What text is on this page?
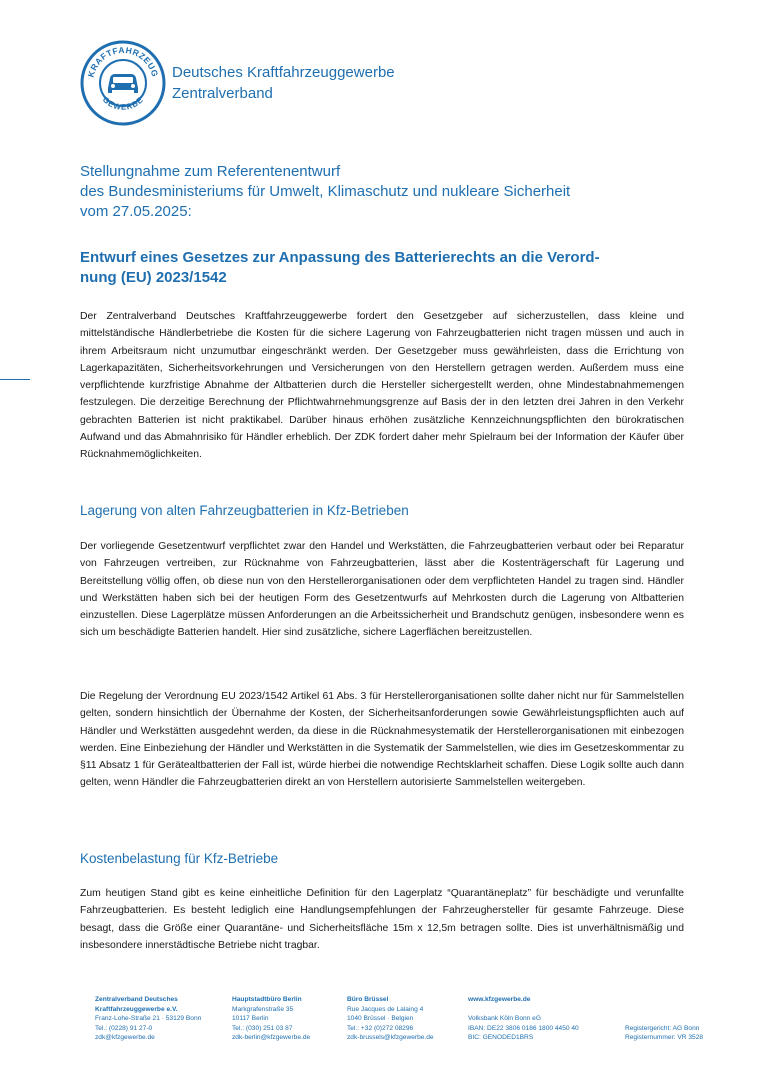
KRAFTFAHRZEUG
GEWERBE
Deutsches Kraftfahrzeuggewerbe
Zentralverband
Stellungnahme zum Referentenentwurf
des Bundesministeriums für Umwelt, Klimaschutz und nukleare Sicherheit
vom 27.05.2025:
Entwurf eines Gesetzes zur Anpassung des Batterierechts an die Verord-
nung (EU) 2023/1542

Der Zentralverband Deutsches Kraftfahrzeuggewerbe fordert den Gesetzgeber auf sicherzustellen, dass kleine und mittelständische Händlerbetriebe die Kosten für die sichere Lagerung von Fahrzeugbatterien nicht tragen müssen und auch in ihrem Arbeitsraum nicht unzumutbar eingeschränkt werden. Der Gesetzgeber muss gewährleisten, dass die Errichtung von Lagerkapazitäten, Sicherheitsvorkehrungen und Versicherungen von den Herstellern getragen werden. Außerdem muss eine verpflichtende kurzfristige Abnahme der Altbatterien durch die Hersteller sichergestellt werden, ohne Mindestabnahmemengen festzulegen. Die derzeitige Berechnung der Pflichtwahrnehmungsgrenze auf Basis der in den letzten drei Jahren in den Verkehr gebrachten Batterien ist nicht praktikabel. Darüber hinaus erhöhen zusätzliche Kennzeichnungspflichten den bürokratischen Aufwand und das Abmahnrisiko für Händler erheblich. Der ZDK fordert daher mehr Spielraum bei der Information der Käufer über Rücknahmemöglichkeiten.

Lagerung von alten Fahrzeugbatterien in Kfz-Betrieben

Der vorliegende Gesetzentwurf verpflichtet zwar den Handel und Werkstätten, die Fahrzeugbatterien verbaut oder bei Reparatur von Fahrzeugen vertreiben, zur Rücknahme von Fahrzeugbatterien, lässt aber die Kostenträgerschaft für Lagerung und Bereitstellung völlig offen, ob diese nun von den Herstellerorganisationen oder dem verpflichteten Handel zu tragen sind. Händler und Werkstätten haben sich bei der heutigen Form des Gesetzentwurfs auf Mehrkosten durch die Lagerung von Altbatterien einzustellen. Diese Lagerplätze müssen Anforderungen an die Arbeitssicherheit und Brandschutz genügen, insbesondere wenn es sich um beschädigte Batterien handelt. Hier sind zusätzliche, sichere Lagerflächen bereitzustellen.

Die Regelung der Verordnung EU 2023/1542 Artikel 61 Abs. 3 für Herstellerorganisationen sollte daher nicht nur für Sammelstellen gelten, sondern hinsichtlich der Übernahme der Kosten, der Sicherheitsanforderungen sowie Gewährleistungspflichten auch auf Händler und Werkstätten ausgedehnt werden, da diese in die Rücknahmesystematik der Herstellerorganisationen mit einbezogen werden. Eine Einbeziehung der Händler und Werkstätten in die Systematik der Sammelstellen, wie dies im Gesetzeskommentar zu §11 Absatz 1 für Gerätealtbatterien der Fall ist, würde hierbei die notwendige Rechtsklarheit schaffen. Diese Logik sollte auch dann gelten, wenn Händler die Fahrzeugbatterien direkt an von Herstellern autorisierte Sammelstellen weitergeben.

Kostenbelastung für Kfz-Betriebe

Zum heutigen Stand gibt es keine einheitliche Definition für den Lagerplatz “Quarantäneplatz” für beschädigte und verunfallte Fahrzeugbatterien. Es besteht lediglich eine Handlungsempfehlungen der Fahrzeughersteller für gesamte Fahrzeuge. Diese besagt, dass die Größe einer Quarantäne- und Sicherheitsfläche 15m x 12,5m betragen sollte. Dies ist unverhältnismäßig und insbesondere innerstädtische Betriebe nicht tragbar.

Zentralverband Deutsches
Kraftfahrzeuggewerbe e.V.
Franz-Lohe-Straße 21 · 53129 Bonn
Tel.: (0228) 91 27-0
zdk@kfzgewerbe.de
Hauptstadtbüro Berlin
Markgrafenstraße 35
10117 Berlin
Tel.: (030) 251 03 87
zdk-berlin@kfzgewerbe.de
Büro Brüssel
Rue Jacques de Lalaing 4
1040 Brüssel · Belgien
Tel.: +32 (0)272 08296
zdk-brussels@kfzgewerbe.de
www.kfzgewerbe.de

Volksbank Köln Bonn eG
IBAN: DE22 3806 0186 1800 4450 40
BIC: GENODED1BRS
Registergericht: AG Bonn
Registernummer: VR 3528
